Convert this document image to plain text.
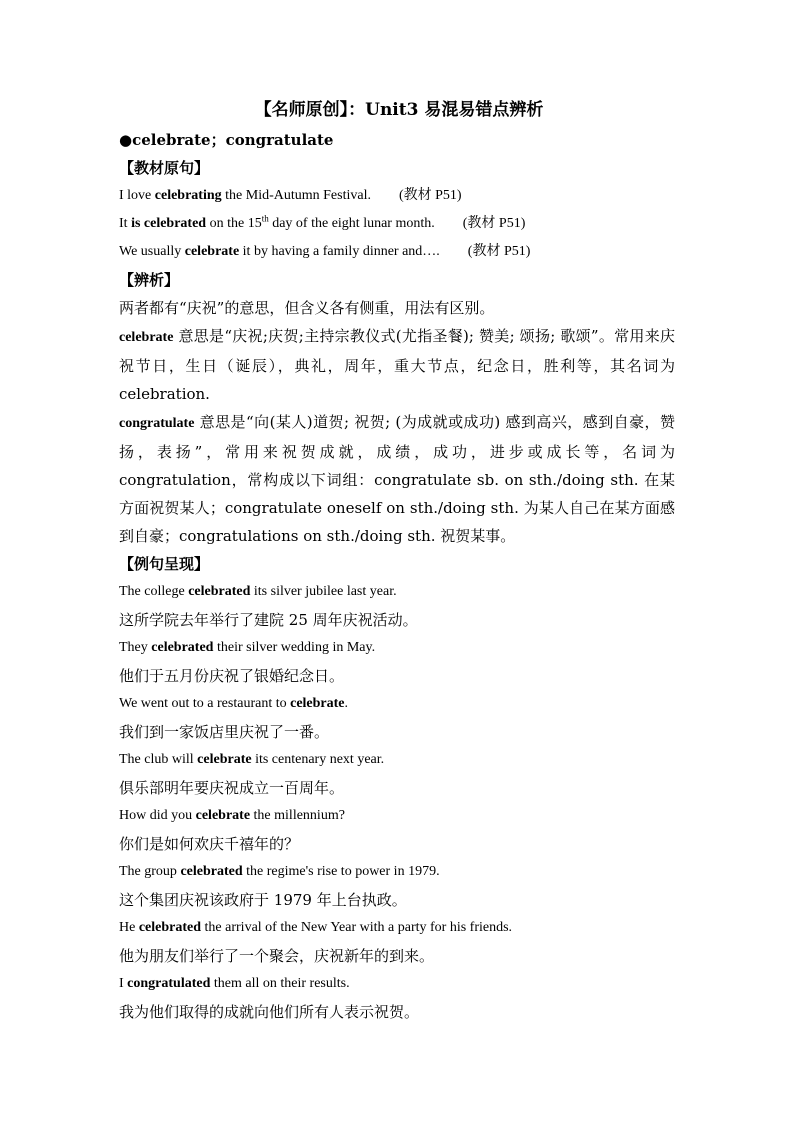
【名师原创】：Unit3 易混易错点辨析
●celebrate；congratulate
【教材原句】
I love celebrating the Mid-Autumn Festival. (教材 P51)
It is celebrated on the 15th day of the eight lunar month. (教材 P51)
We usually celebrate it by having a family dinner and…. (教材 P51)
【辨析】
两者都有“庆祝”的意思，但含义各有侧重，用法有区别。
celebrate 意思是“庆祝;庆贺;主持宗教仪式(尤指圣餐); 赞美; 颂扬; 歌颂”。常用来庆祝节日，生日（诞辰），典礼，周年，重大节点，纪念日，胜利等，其名词为 celebration.
congratulate 意思是“向(某人)道贺; 祝贺; (为成就或成功) 感到高兴，感到自豪，赞扬，表扬”，常用来祝贺成就，成绩，成功，进步或成长等，名词为 congratulation，常构成以下词组：congratulate sb. on sth./doing sth. 在某方面祝贺某人；congratulate oneself on sth./doing sth. 为某人自己在某方面感到自豪；congratulations on sth./doing sth. 祝贺某事。
【例句呈现】
The college celebrated its silver jubilee last year.
这所学院去年举行了建院 25 周年庆祝活动。
They celebrated their silver wedding in May.
他们于五月份庆祝了银婚纪念日。
We went out to a restaurant to celebrate.
我们到一家饭店里庆祝了一番。
The club will celebrate its centenary next year.
俱乐部明年要庆祝成立一百周年。
How did you celebrate the millennium?
你们是如何欢庆千禧年的？
The group celebrated the regime's rise to power in 1979.
这个集团庆祝该政府于 1979 年上台执政。
He celebrated the arrival of the New Year with a party for his friends.
他为朋友们举行了一个聚会，庆祝新年的到来。
I congratulated them all on their results.
我为他们取得的成就向他们所有人表示祝贺。
